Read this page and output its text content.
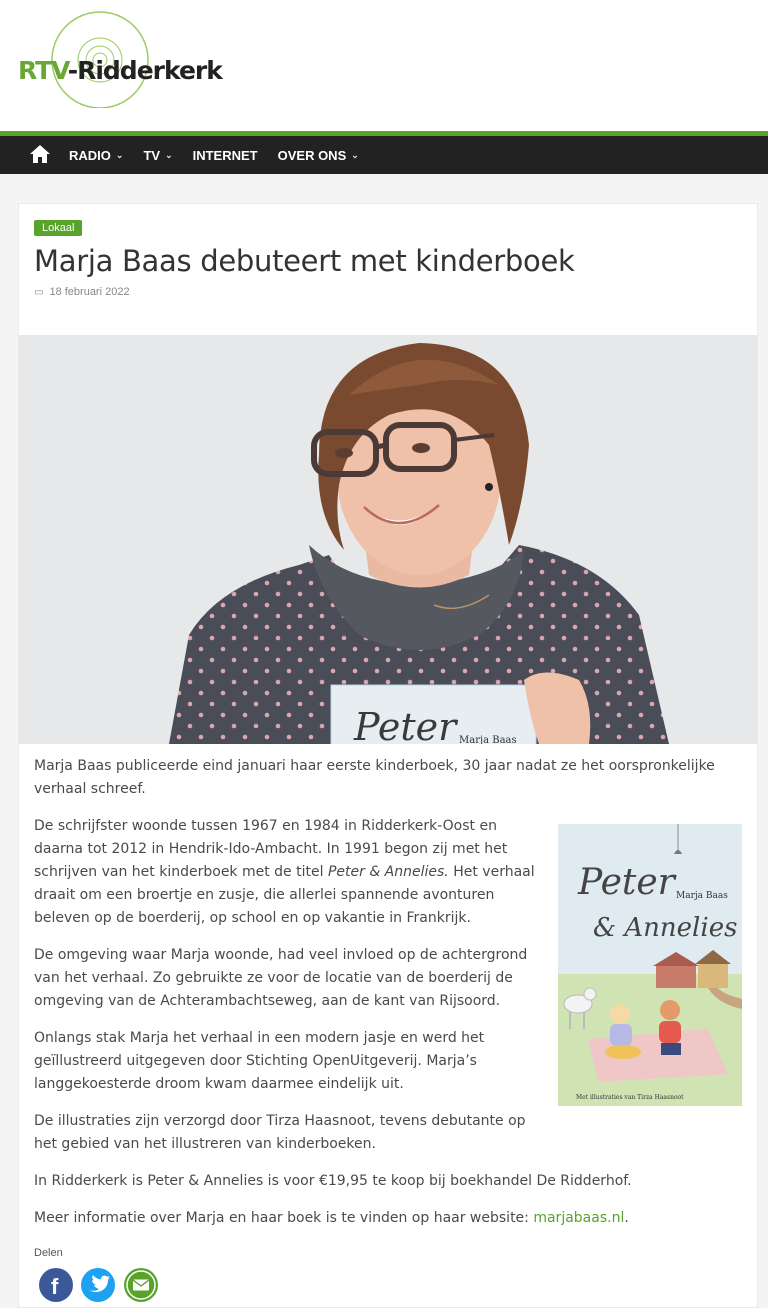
RTV-Ridderkerk
RADIO ⌄ TV ⌄ INTERNET OVER ONS ⌄
Lokaal
Marja Baas debuteert met kinderboek
▭ 18 februari 2022
Peter Marja Baas

Marja Baas publiceerde eind januari haar eerste kinderboek, 30 jaar nadat ze het oorspronkelijke verhaal schreef.

De schrijfster woonde tussen 1967 en 1984 in Ridderkerk-Oost en daarna tot 2012 in Hendrik-Ido-Ambacht. In 1991 begon zij met het schrijven van het kinderboek met de titel Peter & Annelies. Het verhaal draait om een broertje en zusje, die allerlei spannende avonturen beleven op de boerderij, op school en op vakantie in Frankrijk.

De omgeving waar Marja woonde, had veel invloed op de achtergrond van het verhaal. Zo gebruikte ze voor de locatie van de boerderij de omgeving van de Achterambachtseweg, aan de kant van Rijsoord.

Onlangs stak Marja het verhaal in een modern jasje en werd het geïllustreerd uitgegeven door Stichting OpenUitgeverij. Marja’s langgekoesterde droom kwam daarmee eindelijk uit.

De illustraties zijn verzorgd door Tirza Haasnoot, tevens debutante op het gebied van het illustreren van kinderboeken.

In Ridderkerk is Peter & Annelies is voor €19,95 te koop bij boekhandel De Ridderhof.

Meer informatie over Marja en haar boek is te vinden op haar website: marjabaas.nl.

Peter Marja Baas
& Annelies
Met illustraties van Tirza Haasnoot
Delen
f
